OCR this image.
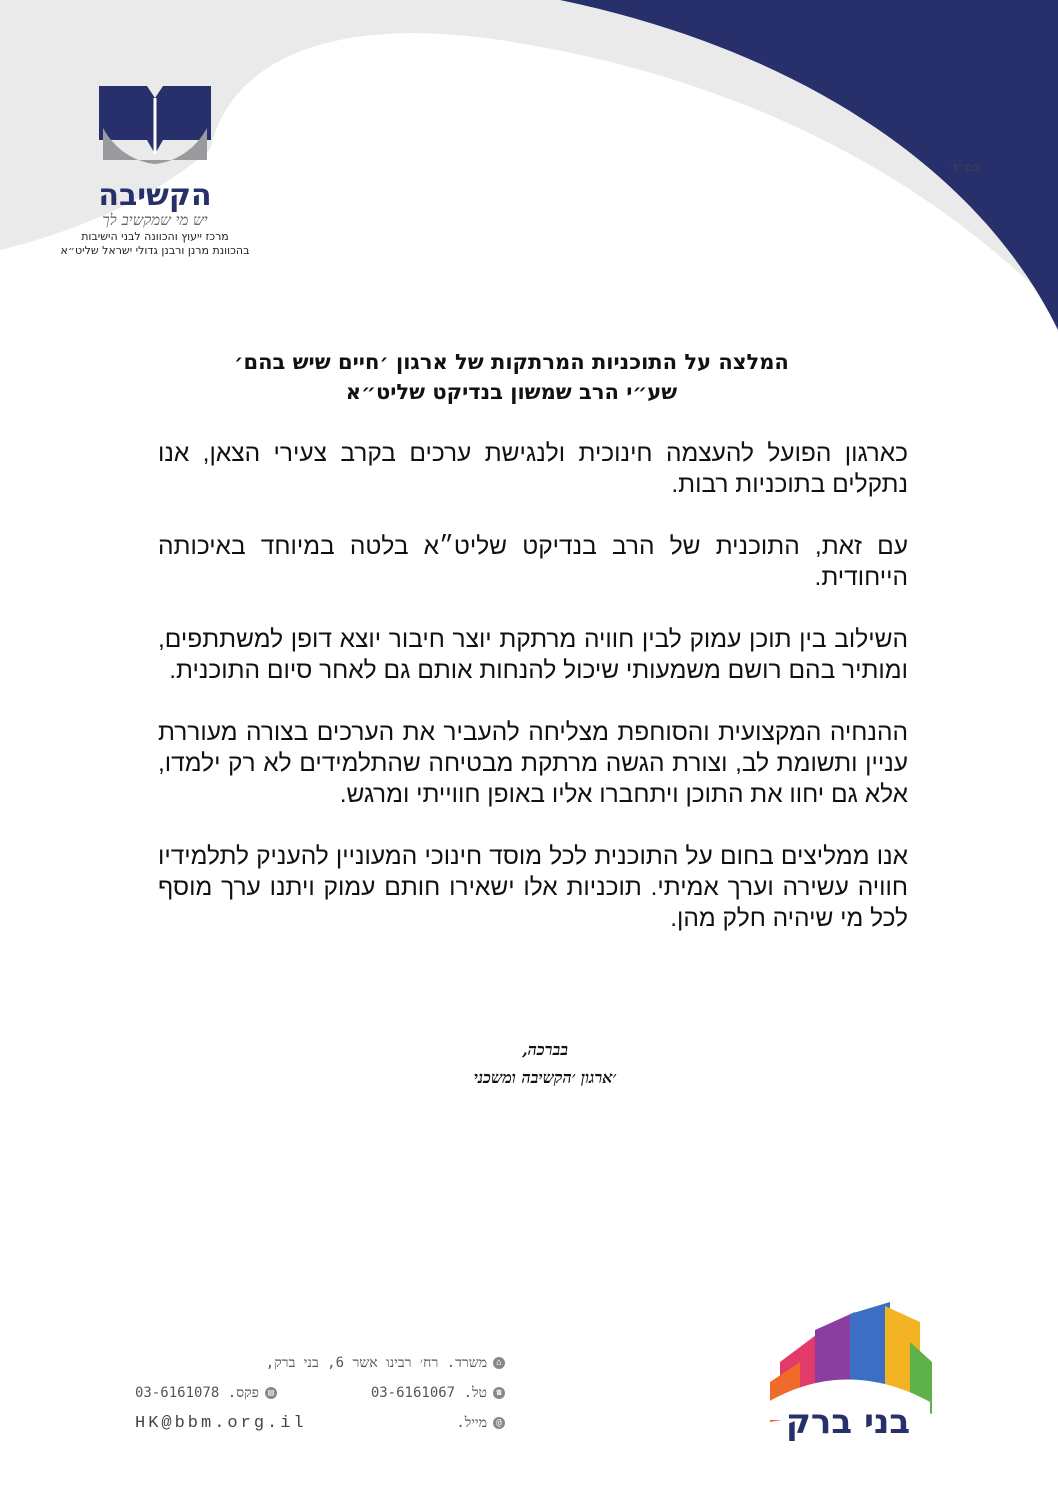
הקשיבה
יש מי שמקשיב לך
מרכז ייעוץ והכוונה לבני הישיבות
בהכוונת מרנן ורבנן גדולי ישראל שליט״א
בס״ד
המלצה על התוכניות המרתקות של ארגון ׳חיים שיש בהם׳
שע״י הרב שמשון בנדיקט שליט״א

כארגון הפועל להעצמה חינוכית ולנגישת ערכים בקרב צעירי הצאן, אנו נתקלים בתוכניות רבות.

עם זאת, התוכנית של הרב בנדיקט שליט״א בלטה במיוחד באיכותה הייחודית.

השילוב בין תוכן עמוק לבין חוויה מרתקת יוצר חיבור יוצא דופן למשתתפים, ומותיר בהם רושם משמעותי שיכול להנחות אותם גם לאחר סיום התוכנית.

ההנחיה המקצועית והסוחפת מצליחה להעביר את הערכים בצורה מעוררת עניין ותשומת לב, וצורת הגשה מרתקת מבטיחה שהתלמידים לא רק ילמדו, אלא גם יחוו את התוכן ויתחברו אליו באופן חווייתי ומרגש.

אנו ממליצים בחום על התוכנית לכל מוסד חינוכי המעוניין להעניק לתלמידיו חוויה עשירה וערך אמיתי. תוכניות אלו ישאירו חותם עמוק ויתנו ערך מוסף לכל מי שיהיה חלק מהן.

בברכה,
׳ארגון ׳הקשיבה ומשכני
⌂משרד. רח׳ רבינו אשר 6, בני ברק,
☎טל. 03-6161067
▤פקס. 03-6161078
@מייל.
HK@bbm.org.il	בני ברק
